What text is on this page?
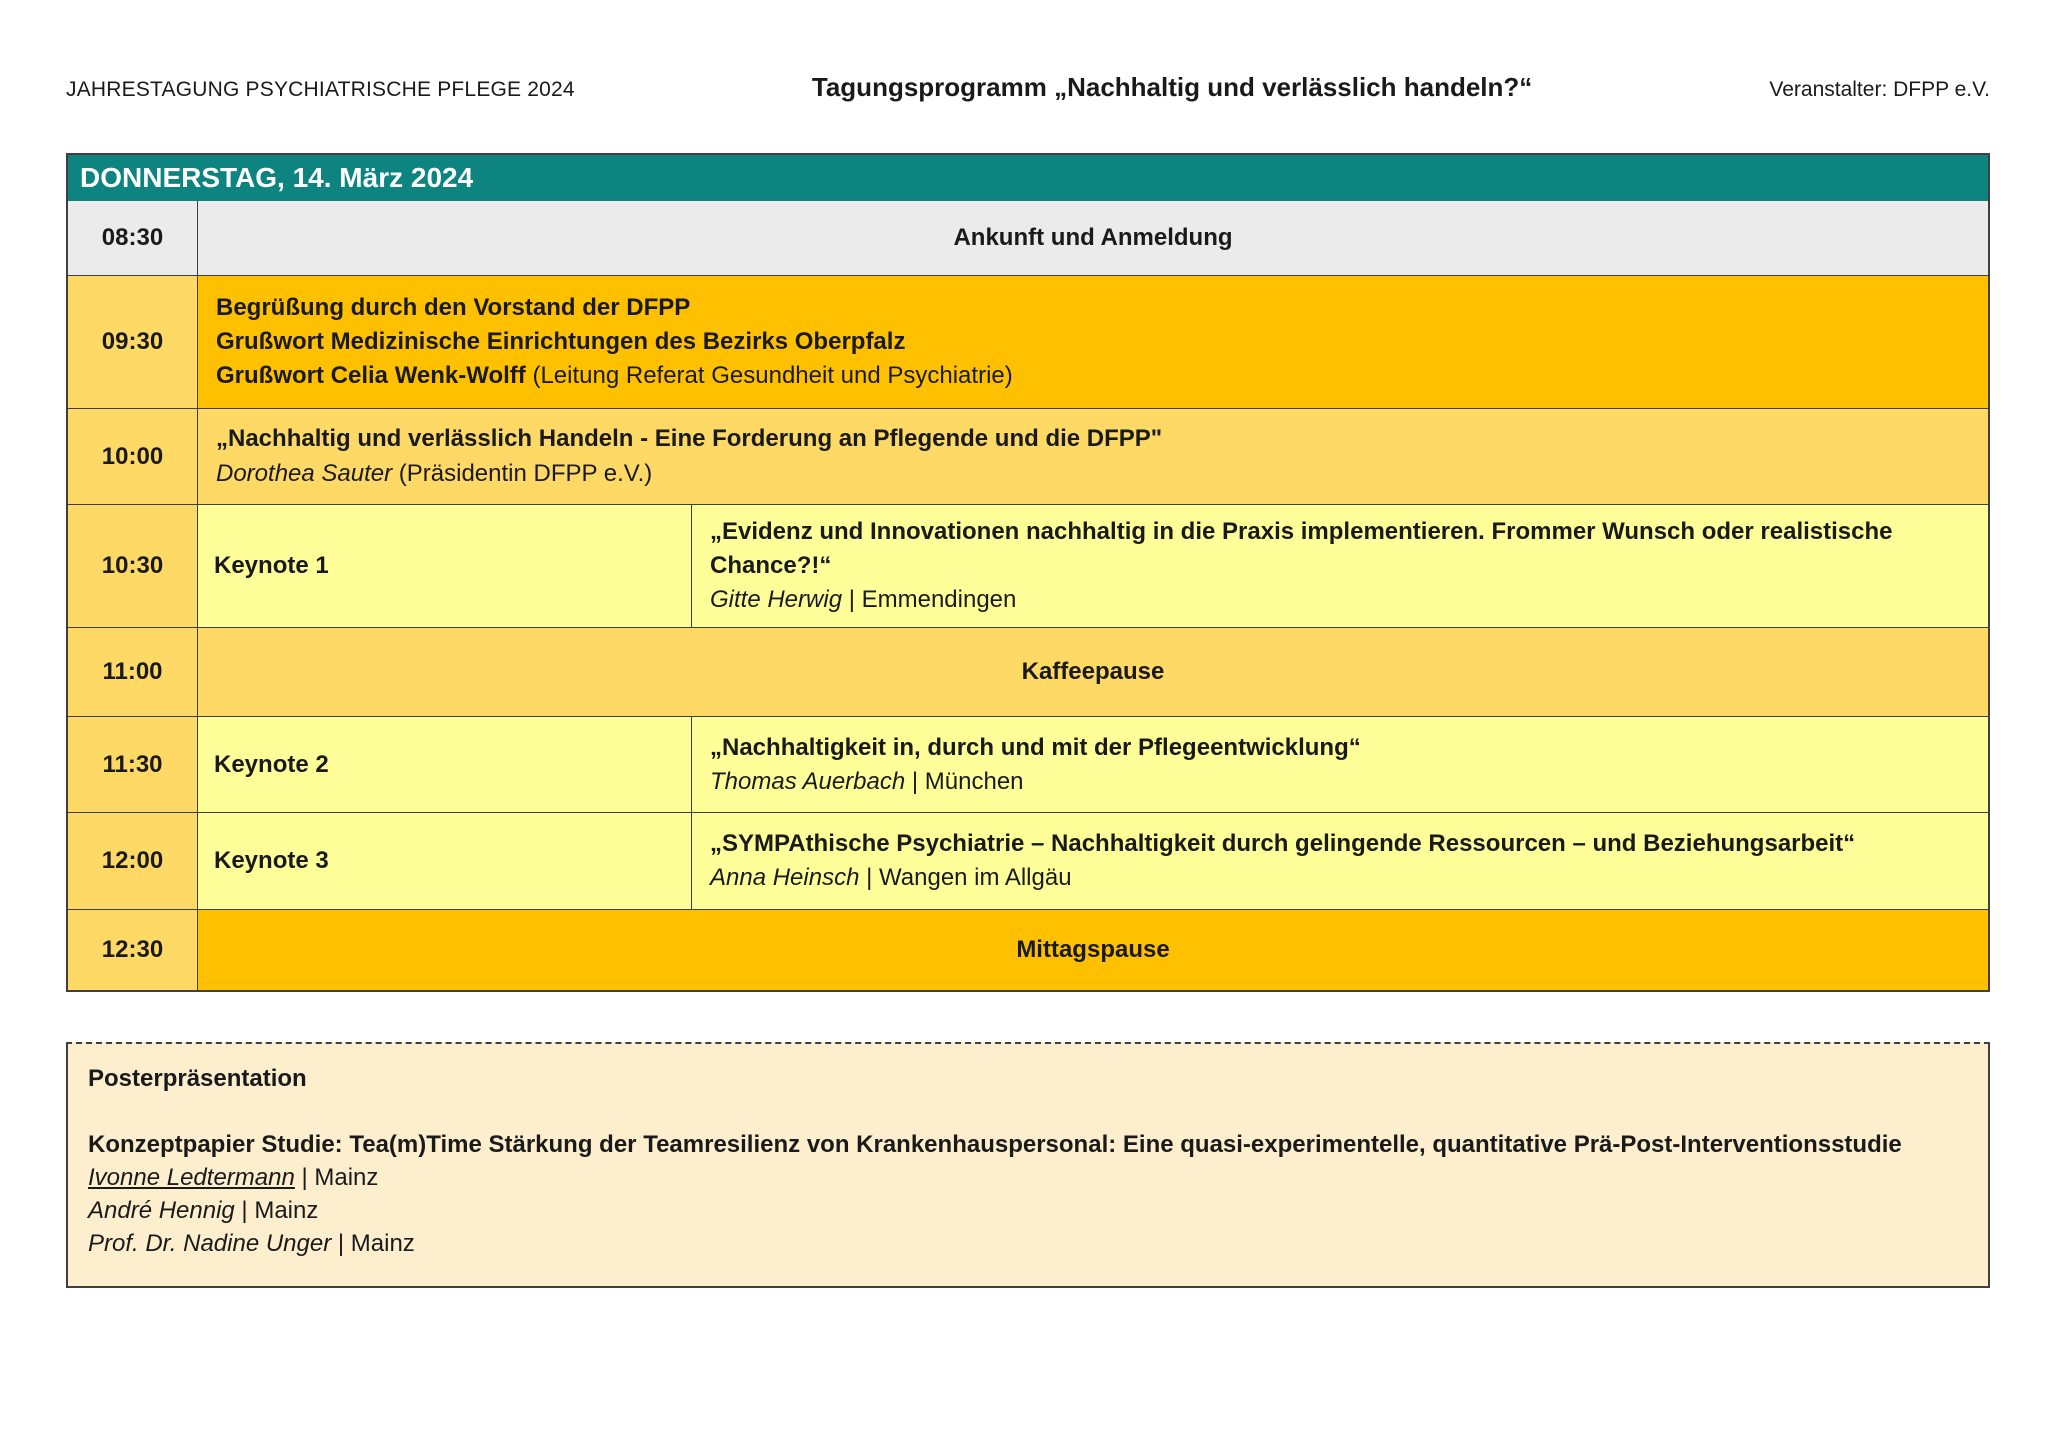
JAHRESTAGUNG PSYCHIATRISCHE PFLEGE 2024	Tagungsprogramm „Nachhaltig und verlässlich handeln?“	Veranstalter: DFPP e.V.
DONNERSTAG, 14. März 2024
08:30	Ankunft und Anmeldung
09:30
Begrüßung durch den Vorstand der DFPP
Grußwort Medizinische Einrichtungen des Bezirks Oberpfalz
Grußwort Celia Wenk-Wolff (Leitung Referat Gesundheit und Psychiatrie)
10:00
„Nachhaltig und verlässlich Handeln - Eine Forderung an Pflegende und die DFPP"
Dorothea Sauter (Präsidentin DFPP e.V.)
10:30	Keynote 1
„Evidenz und Innovationen nachhaltig in die Praxis implementieren. Frommer Wunsch oder realistische Chance?!“
Gitte Herwig | Emmendingen
11:00	Kaffeepause
11:30	Keynote 2
„Nachhaltigkeit in, durch und mit der Pflegeentwicklung“
Thomas Auerbach | München
12:00	Keynote 3
„SYMPAthische Psychiatrie – Nachhaltigkeit durch gelingende Ressourcen – und Beziehungsarbeit“
Anna Heinsch | Wangen im Allgäu
12:30	Mittagspause
Posterpräsentation
Konzeptpapier Studie: Tea(m)Time Stärkung der Teamresilienz von Krankenhauspersonal: Eine quasi-experimentelle, quantitative Prä-Post-Interventionsstudie
Ivonne Ledtermann | Mainz
André Hennig | Mainz
Prof. Dr. Nadine Unger | Mainz
